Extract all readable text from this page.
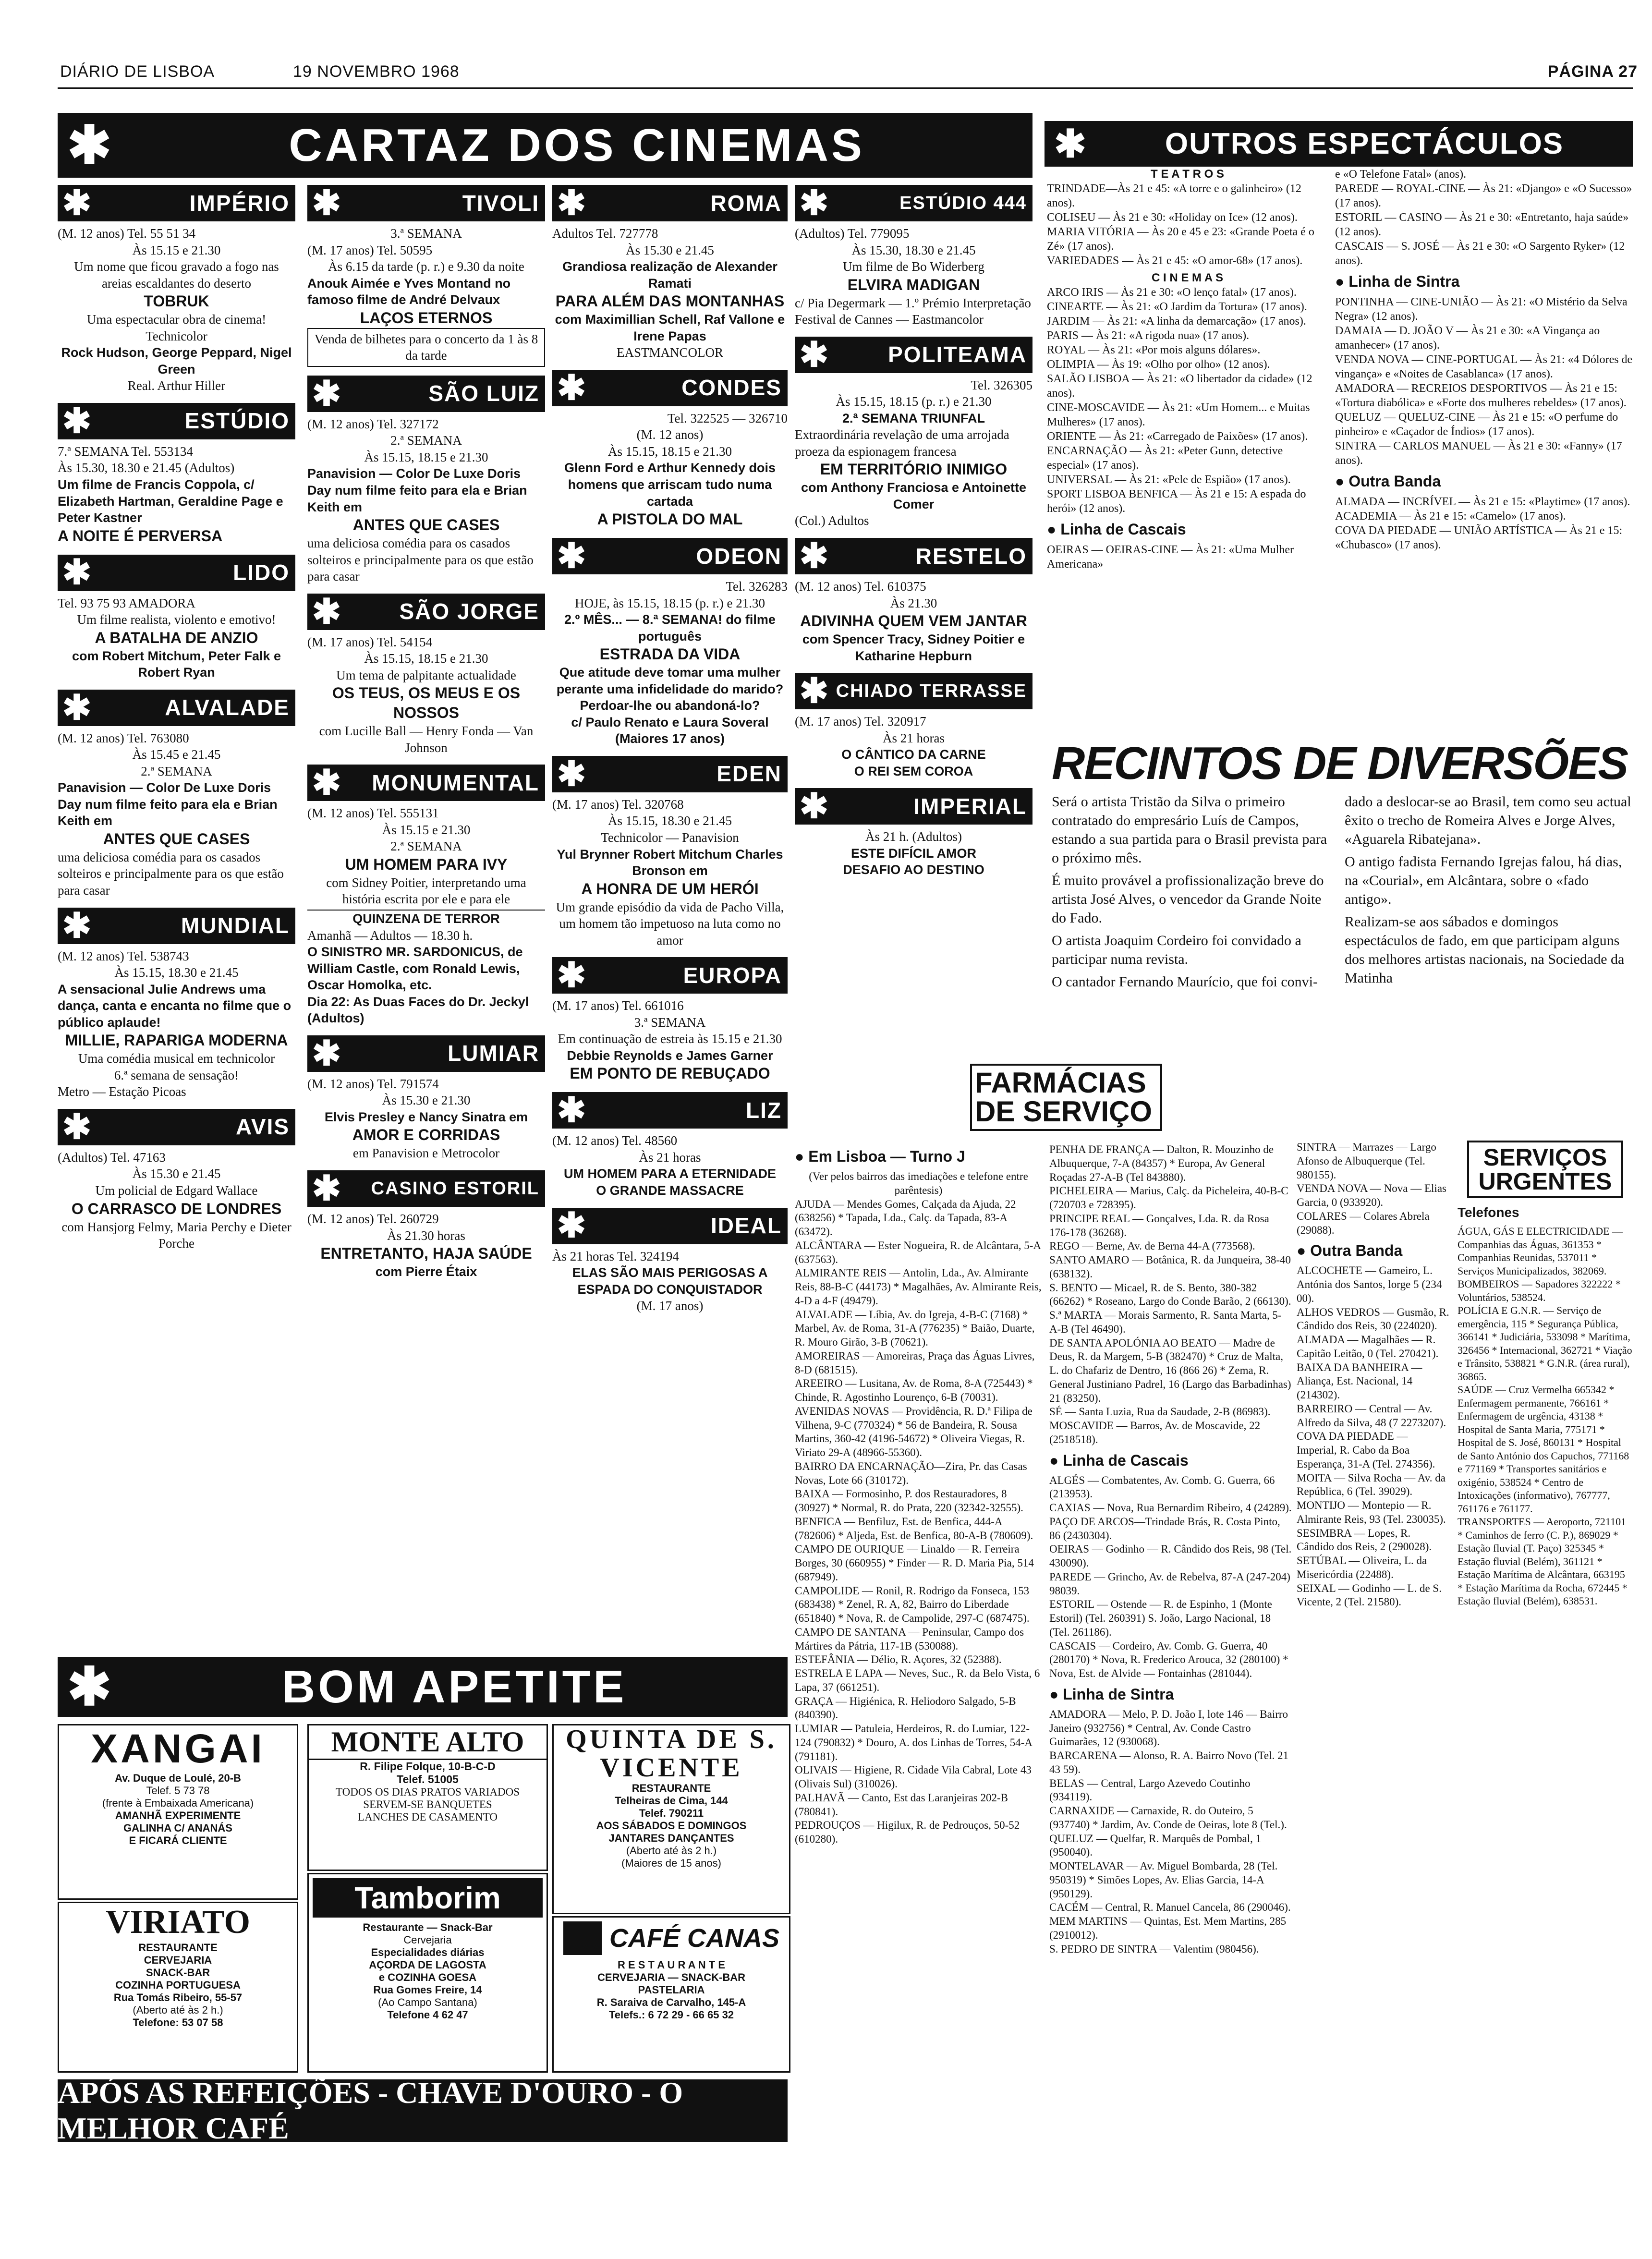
DIÁRIO DE LISBOA	19 NOVEMBRO 1968	PÁGINA 27
✱	CARTAZ DOS CINEMAS
✱	IMPÉRIO
(M. 12 anos) Tel. 55 51 34
Às 15.15 e 21.30
Um nome que ficou gravado a fogo nas areias escaldantes do deserto
TOBRUK
Uma espectacular obra de cinema!
Technicolor
Rock Hudson, George Peppard, Nigel Green
Real. Arthur Hiller
✱	ESTÚDIO
7.ª SEMANA Tel. 553134
Às 15.30, 18.30 e 21.45 (Adultos)
Um filme de Francis Coppola, c/ Elizabeth Hartman, Geraldine Page e Peter Kastner
A NOITE É PERVERSA
✱	LIDO
Tel. 93 75 93 AMADORA
Um filme realista, violento e emotivo!
A BATALHA DE ANZIO
com Robert Mitchum, Peter Falk e Robert Ryan
✱	ALVALADE
(M. 12 anos) Tel. 763080
Às 15.45 e 21.45
2.ª SEMANA
Panavision — Color De Luxe Doris Day num filme feito para ela e Brian Keith em
ANTES QUE CASES
uma deliciosa comédia para os casados solteiros e principalmente para os que estão para casar
✱	MUNDIAL
(M. 12 anos) Tel. 538743
Às 15.15, 18.30 e 21.45
A sensacional Julie Andrews uma dança, canta e encanta no filme que o público aplaude!
MILLIE, RAPARIGA MODERNA
Uma comédia musical em technicolor
6.ª semana de sensação!
Metro — Estação Picoas
✱	AVIS
(Adultos) Tel. 47163
Às 15.30 e 21.45
Um policial de Edgard Wallace
O CARRASCO DE LONDRES
com Hansjorg Felmy, Maria Perchy e Dieter Porche
✱	TIVOLI
3.ª SEMANA
(M. 17 anos) Tel. 50595
Às 6.15 da tarde (p. r.) e 9.30 da noite
Anouk Aimée e Yves Montand no famoso filme de André Delvaux
LAÇOS ETERNOS
Venda de bilhetes para o concerto da 1 às 8 da tarde
✱	SÃO LUIZ
(M. 12 anos) Tel. 327172
2.ª SEMANA
Às 15.15, 18.15 e 21.30
Panavision — Color De Luxe Doris Day num filme feito para ela e Brian Keith em
ANTES QUE CASES
uma deliciosa comédia para os casados solteiros e principalmente para os que estão para casar
✱	SÃO JORGE
(M. 17 anos) Tel. 54154
Às 15.15, 18.15 e 21.30
Um tema de palpitante actualidade
OS TEUS, OS MEUS E OS NOSSOS
com Lucille Ball — Henry Fonda — Van Johnson
✱	MONUMENTAL
(M. 12 anos) Tel. 555131
Às 15.15 e 21.30
2.ª SEMANA
UM HOMEM PARA IVY
com Sidney Poitier, interpretando uma história escrita por ele e para ele
QUINZENA DE TERROR
Amanhã — Adultos — 18.30 h.
O SINISTRO MR. SARDONICUS, de William Castle, com Ronald Lewis, Oscar Homolka, etc.
Dia 22: As Duas Faces do Dr. Jeckyl (Adultos)
✱	LUMIAR
(M. 12 anos) Tel. 791574
Às 15.30 e 21.30
Elvis Presley e Nancy Sinatra em
AMOR E CORRIDAS
em Panavision e Metrocolor
✱	CASINO ESTORIL
(M. 12 anos) Tel. 260729
Às 21.30 horas
ENTRETANTO, HAJA SAÚDE
com Pierre Étaix
✱	ROMA
Adultos Tel. 727778
Às 15.30 e 21.45
Grandiosa realização de Alexander Ramati
PARA ALÉM DAS MONTANHAS
com Maximillian Schell, Raf Vallone e Irene Papas
EASTMANCOLOR
✱	CONDES
Tel. 322525 — 326710
(M. 12 anos)
Às 15.15, 18.15 e 21.30
Glenn Ford e Arthur Kennedy dois homens que arriscam tudo numa cartada
A PISTOLA DO MAL
✱	ODEON
Tel. 326283
HOJE, às 15.15, 18.15 (p. r.) e 21.30
2.º MÊS... — 8.ª SEMANA! do filme português
ESTRADA DA VIDA
Que atitude deve tomar uma mulher perante uma infidelidade do marido? Perdoar-lhe ou abandoná-lo?
c/ Paulo Renato e Laura Soveral (Maiores 17 anos)
✱	EDEN
(M. 17 anos) Tel. 320768
Às 15.15, 18.30 e 21.45
Technicolor — Panavision
Yul Brynner Robert Mitchum Charles Bronson em
A HONRA DE UM HERÓI
Um grande episódio da vida de Pacho Villa, um homem tão impetuoso na luta como no amor
✱	EUROPA
(M. 17 anos) Tel. 661016
3.ª SEMANA
Em continuação de estreia às 15.15 e 21.30
Debbie Reynolds e James Garner
EM PONTO DE REBUÇADO
✱	LIZ
(M. 12 anos) Tel. 48560
Às 21 horas
UM HOMEM PARA A ETERNIDADE
O GRANDE MASSACRE
✱	IDEAL
Às 21 horas Tel. 324194
ELAS SÃO MAIS PERIGOSAS A ESPADA DO CONQUISTADOR
(M. 17 anos)
✱	ESTÚDIO 444
(Adultos) Tel. 779095
Às 15.30, 18.30 e 21.45
Um filme de Bo Widerberg
ELVIRA MADIGAN
c/ Pia Degermark — 1.º Prémio Interpretação Festival de Cannes — Eastmancolor
✱	POLITEAMA
Tel. 326305
Às 15.15, 18.15 (p. r.) e 21.30
2.ª SEMANA TRIUNFAL
Extraordinária revelação de uma arrojada proeza da espionagem francesa
EM TERRITÓRIO INIMIGO
com Anthony Franciosa e Antoinette Comer
(Col.) Adultos
✱	RESTELO
(M. 12 anos) Tel. 610375
Às 21.30
ADIVINHA QUEM VEM JANTAR
com Spencer Tracy, Sidney Poitier e Katharine Hepburn
✱ CHIADO TERRASSE
(M. 17 anos) Tel. 320917
Às 21 horas
O CÂNTICO DA CARNE
O REI SEM COROA
✱	IMPERIAL
Às 21 h. (Adultos)
ESTE DIFÍCIL AMOR
DESAFIO AO DESTINO
✱	OUTROS ESPECTÁCULOS
T E A T R O S
TRINDADE—Às 21 e 45: «A torre e o galinheiro» (12 anos).
COLISEU — Às 21 e 30: «Holiday on Ice» (12 anos).
MARIA VITÓRIA — Às 20 e 45 e 23: «Grande Poeta é o Zé» (17 anos).
VARIEDADES — Às 21 e 45: «O amor-68» (17 anos).
C I N E M A S
ARCO IRIS — Às 21 e 30: «O lenço fatal» (17 anos).
CINEARTE — Às 21: «O Jardim da Tortura» (17 anos).
JARDIM — Às 21: «A linha da demarcação» (17 anos).
PARIS — Às 21: «A rigoda nua» (17 anos).
ROYAL — Às 21: «Por mois alguns dólares».
OLIMPIA — Às 19: «Olho por olho» (12 anos).
SALÃO LISBOA — Às 21: «O libertador da cidade» (12 anos).
CINE-MOSCAVIDE — Às 21: «Um Homem... e Muitas Mulheres» (17 anos).
ORIENTE — Às 21: «Carregado de Paixões» (17 anos).
ENCARNAÇÃO — Às 21: «Peter Gunn, detective especial» (17 anos).
UNIVERSAL — Às 21: «Pele de Espião» (17 anos).
SPORT LISBOA BENFICA — Às 21 e 15: A espada do herói» (12 anos).
● Linha de Cascais
OEIRAS — OEIRAS-CINE — Às 21: «Uma Mulher Americana»
e «O Telefone Fatal» (anos).
PAREDE — ROYAL-CINE — Às 21: «Django» e «O Sucesso» (17 anos).
ESTORIL — CASINO — Às 21 e 30: «Entretanto, haja saúde» (12 anos).
CASCAIS — S. JOSÉ — Às 21 e 30: «O Sargento Ryker» (12 anos).
● Linha de Sintra
PONTINHA — CINE-UNIÃO — Às 21: «O Mistério da Selva Negra» (12 anos).
DAMAIA — D. JOÃO V — Às 21 e 30: «A Vingança ao amanhecer» (17 anos).
VENDA NOVA — CINE-PORTUGAL — Às 21: «4 Dólores de vingança» e «Noites de Casablanca» (17 anos).
AMADORA — RECREIOS DESPORTIVOS — Às 21 e 15: «Tortura diabólica» e «Forte dos mulheres rebeldes» (17 anos).
QUELUZ — QUELUZ-CINE — Às 21 e 15: «O perfume do pinheiro» e «Caçador de Índios» (17 anos).
SINTRA — CARLOS MANUEL — Às 21 e 30: «Fanny» (17 anos).
● Outra Banda
ALMADA — INCRÍVEL — Às 21 e 15: «Playtime» (17 anos).
ACADEMIA — Às 21 e 15: «Camelo» (17 anos).
COVA DA PIEDADE — UNIÃO ARTÍSTICA — Às 21 e 15: «Chubasco» (17 anos).
RECINTOS DE DIVERSÕES
Será o artista Tristão da Silva o primeiro contratado do empresário Luís de Campos, estando a sua partida para o Brasil prevista para o próximo mês.
É muito provável a profissionalização breve do artista José Alves, o vencedor da Grande Noite do Fado.
O artista Joaquim Cordeiro foi convidado a participar numa revista.
O cantador Fernando Maurício, que foi convi-
dado a deslocar-se ao Brasil, tem como seu actual êxito o trecho de Romeira Alves e Jorge Alves, «Aguarela Ribatejana».
O antigo fadista Fernando Igrejas falou, há dias, na «Courial», em Alcântara, sobre o «fado antigo».
Realizam-se aos sábados e domingos espectáculos de fado, em que participam alguns dos melhores artistas nacionais, na Sociedade da Matinha
FARMÁCIAS DE SERVIÇO
● Em Lisboa — Turno J
(Ver pelos bairros das imediações e telefone entre parêntesis)
AJUDA — Mendes Gomes, Calçada da Ajuda, 22 (638256) * Tapada, Lda., Calç. da Tapada, 83-A (63472).
ALCÂNTARA — Ester Nogueira, R. de Alcântara, 5-A (637563).
ALMIRANTE REIS — Antolin, Lda., Av. Almirante Reis, 88-B-C (44173) * Magalhães, Av. Almirante Reis, 4-D a 4-F (49479).
ALVALADE — Líbia, Av. do Igreja, 4-B-C (7168) * Marbel, Av. de Roma, 31-A (776235) * Baião, Duarte, R. Mouro Girão, 3-B (70621).
AMOREIRAS — Amoreiras, Praça das Águas Livres, 8-D (681515).
AREEIRO — Lusitana, Av. de Roma, 8-A (725443) * Chinde, R. Agostinho Lourenço, 6-B (70031).
AVENIDAS NOVAS — Providência, R. D.ª Filipa de Vilhena, 9-C (770324) * 56 de Bandeira, R. Sousa Martins, 360-42 (4196-54672) * Oliveira Viegas, R. Viriato 29-A (48966-55360).
BAIRRO DA ENCARNAÇÃO—Zira, Pr. das Casas Novas, Lote 66 (310172).
BAIXA — Formosinho, P. dos Restauradores, 8 (30927) * Normal, R. do Prata, 220 (32342-32555).
BENFICA — Benfiluz, Est. de Benfica, 444-A (782606) * Aljeda, Est. de Benfica, 80-A-B (780609).
CAMPO DE OURIQUE — Linaldo — R. Ferreira Borges, 30 (660955) * Finder — R. D. Maria Pia, 514 (687949).
CAMPOLIDE — Ronil, R. Rodrigo da Fonseca, 153 (683438) * Zenel, R. A, 82, Bairro do Liberdade (651840) * Nova, R. de Campolide, 297-C (687475).
CAMPO DE SANTANA — Peninsular, Campo dos Mártires da Pátria, 117-1B (530088).
ESTEFÂNIA — Délio, R. Açores, 32 (52388).
ESTRELA E LAPA — Neves, Suc., R. da Belo Vista, 6 Lapa, 37 (661251).
GRAÇA — Higiénica, R. Heliodoro Salgado, 5-B (840390).
LUMIAR — Patuleia, Herdeiros, R. do Lumiar, 122-124 (790832) * Douro, A. dos Linhas de Torres, 54-A (791181).
OLIVAIS — Higiene, R. Cidade Vila Cabral, Lote 43 (Olivais Sul) (310026).
PALHAVÃ — Canto, Est das Laranjeiras 202-B (780841).
PEDROUÇOS — Higilux, R. de Pedrouços, 50-52 (610280).
PENHA DE FRANÇA — Dalton, R. Mouzinho de Albuquerque, 7-A (84357) * Europa, Av General Roçadas 27-A-B (Tel 843880).
PICHELEIRA — Marius, Calç. da Picheleira, 40-B-C (720703 e 728395).
PRINCIPE REAL — Gonçalves, Lda. R. da Rosa 176-178 (36268).
REGO — Berne, Av. de Berna 44-A (773568).
SANTO AMARO — Botânica, R. da Junqueira, 38-40 (638132).
S. BENTO — Micael, R. de S. Bento, 380-382 (66262) * Roseano, Largo do Conde Barão, 2 (66130).
S.ª MARTA — Morais Sarmento, R. Santa Marta, 5-A-B (Tel 46490).
DE SANTA APOLÓNIA AO BEATO — Madre de Deus, R. da Margem, 5-B (382470) * Cruz de Malta, L. do Chafariz de Dentro, 16 (866 26) * Zema, R. General Justiniano Padrel, 16 (Largo das Barbadinhas) 21 (83250).
SÉ — Santa Luzia, Rua da Saudade, 2-B (86983).
MOSCAVIDE — Barros, Av. de Moscavide, 22 (2518518).
● Linha de Cascais
ALGÉS — Combatentes, Av. Comb. G. Guerra, 66 (213953).
CAXIAS — Nova, Rua Bernardim Ribeiro, 4 (24289).
PAÇO DE ARCOS—Trindade Brás, R. Costa Pinto, 86 (2430304).
OEIRAS — Godinho — R. Cândido dos Reis, 98 (Tel. 430090).
PAREDE — Grincho, Av. de Rebelva, 87-A (247-204) 98039.
ESTORIL — Ostende — R. de Espinho, 1 (Monte Estoril) (Tel. 260391) S. João, Largo Nacional, 18 (Tel. 261186).
CASCAIS — Cordeiro, Av. Comb. G. Guerra, 40 (280170) * Nova, R. Frederico Arouca, 32 (280100) * Nova, Est. de Alvide — Fontainhas (281044).
● Linha de Sintra
AMADORA — Melo, P. D. João I, lote 146 — Bairro Janeiro (932756) * Central, Av. Conde Castro Guimarães, 12 (930068).
BARCARENA — Alonso, R. A. Bairro Novo (Tel. 21 43 59).
BELAS — Central, Largo Azevedo Coutinho (934119).
CARNAXIDE — Carnaxide, R. do Outeiro, 5 (937740) * Jardim, Av. Conde de Oeiras, lote 8 (Tel.).
QUELUZ — Quelfar, R. Marquês de Pombal, 1 (950040).
MONTELAVAR — Av. Miguel Bombarda, 28 (Tel. 950319) * Simões Lopes, Av. Elias Garcia, 14-A (950129).
CACÉM — Central, R. Manuel Cancela, 86 (290046).
MEM MARTINS — Quintas, Est. Mem Martins, 285 (2910012).
S. PEDRO DE SINTRA — Valentim (980456).
SINTRA — Marrazes — Largo Afonso de Albuquerque (Tel. 980155).
VENDA NOVA — Nova — Elias Garcia, 0 (933920).
COLARES — Colares Abrela (29088).
● Outra Banda
ALCOCHETE — Gameiro, L. Antónia dos Santos, lorge 5 (234 00).
ALHOS VEDROS — Gusmão, R. Cândido dos Reis, 30 (224020).
ALMADA — Magalhães — R. Capitão Leitão, 0 (Tel. 270421).
BAIXA DA BANHEIRA — Aliança, Est. Nacional, 14 (214302).
BARREIRO — Central — Av. Alfredo da Silva, 48 (7 2273207).
COVA DA PIEDADE — Imperial, R. Cabo da Boa Esperança, 31-A (Tel. 274356).
MOITA — Silva Rocha — Av. da República, 6 (Tel. 39029).
MONTIJO — Montepio — R. Almirante Reis, 93 (Tel. 230035).
SESIMBRA — Lopes, R. Cândido dos Reis, 2 (290028).
SETÚBAL — Oliveira, L. da Misericórdia (22488).
SEIXAL — Godinho — L. de S. Vicente, 2 (Tel. 21580).
SERVIÇOS URGENTES
Telefones
ÁGUA, GÁS E ELECTRICIDADE — Companhias das Águas, 361353 * Companhias Reunidas, 537011 * Serviços Municipalizados, 382069.
BOMBEIROS — Sapadores 322222 * Voluntários, 538524.
POLÍCIA E G.N.R. — Serviço de emergência, 115 * Segurança Pública, 366141 * Judiciária, 533098 * Marítima, 326456 * Internacional, 362721 * Viação e Trânsito, 538821 * G.N.R. (área rural), 36865.
SAÚDE — Cruz Vermelha 665342 * Enfermagem permanente, 766161 * Enfermagem de urgência, 43138 * Hospital de Santa Maria, 775171 * Hospital de S. José, 860131 * Hospital de Santo António dos Capuchos, 771168 e 771169 * Transportes sanitários e oxigénio, 538524 * Centro de Intoxicações (informativo), 767777, 761176 e 761177.
TRANSPORTES — Aeroporto, 721101 * Caminhos de ferro (C. P.), 869029 * Estação fluvial (T. Paço) 325345 * Estação fluvial (Belém), 361121 * Estação Marítima de Alcântara, 663195 * Estação Marítima da Rocha, 672445 * Estação fluvial (Belém), 638531.
✱	BOM APETITE
XANGAI
Av. Duque de Loulé, 20-B
Telef. 5 73 78
(frente à Embaixada Americana)
AMANHÃ EXPERIMENTE
GALINHA C/ ANANÁS
E FICARÁ CLIENTE
VIRIATO
RESTAURANTE
CERVEJARIA
SNACK-BAR
COZINHA PORTUGUESA
Rua Tomás Ribeiro, 55-57
(Aberto até às 2 h.)
Telefone: 53 07 58
MONTE ALTO
R. Filipe Folque, 10-B-C-D
Telef. 51005
TODOS OS DIAS PRATOS VARIADOS
SERVEM-SE BANQUETES
LANCHES DE CASAMENTO
Tamborim
Restaurante — Snack-Bar
Cervejaria
Especialidades diárias
AÇORDA DE LAGOSTA
e COZINHA GOESA
Rua Gomes Freire, 14
(Ao Campo Santana)
Telefone 4 62 47
QUINTA DE S. VICENTE
RESTAURANTE
Telheiras de Cima, 144
Telef. 790211
AOS SÁBADOS E DOMINGOS
JANTARES DANÇANTES
(Aberto até às 2 h.)
(Maiores de 15 anos)
CAFÉ CANAS
R E S T A U R A N T E
CERVEJARIA — SNACK-BAR
PASTELARIA
R. Saraiva de Carvalho, 145-A
Telefs.: 6 72 29 - 66 65 32
APÓS AS REFEIÇÕES - CHAVE D'OURO - O MELHOR CAFÉ
